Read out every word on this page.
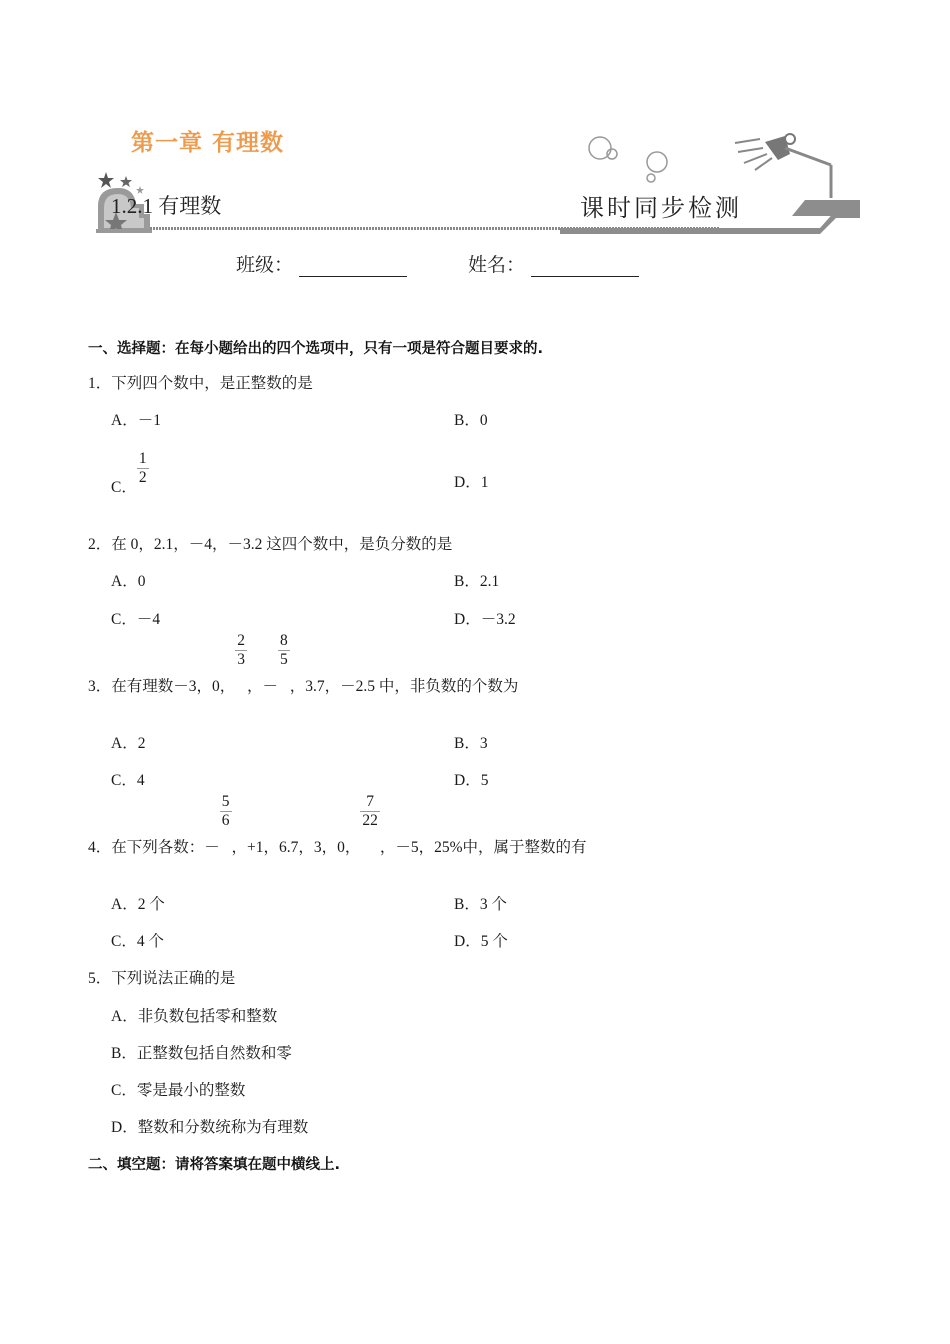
第一章 有理数
1.2.1 有理数	课时同步检测
班级：	姓名：
一、选择题：在每小题给出的四个选项中，只有一项是符合题目要求的.
1．下列四个数中，是正整数的是
A．－1	B．0
C．
$\frac{1}{2}$	D．1
2．在 0，2.1，－4，－3.2 这四个数中，是负分数的是
A．0	B．2.1
C．－4	D．－3.2
3．在有理数－3，0，
$\frac{2}{3}$
，－
$\frac{8}{5}$
，3.7，－2.5 中，非负数的个数为
A．2	B．3
C．4	D．5
4．在下列各数：－
$\frac{5}{6}$
，+1，6.7，3，0，
$\frac{7}{22}$
，－5，25%中，属于整数的有
A．2 个	B．3 个
C．4 个	D．5 个
5．下列说法正确的是
A．非负数包括零和整数
B．正整数包括自然数和零
C．零是最小的整数
D．整数和分数统称为有理数
二、填空题：请将答案填在题中横线上.
